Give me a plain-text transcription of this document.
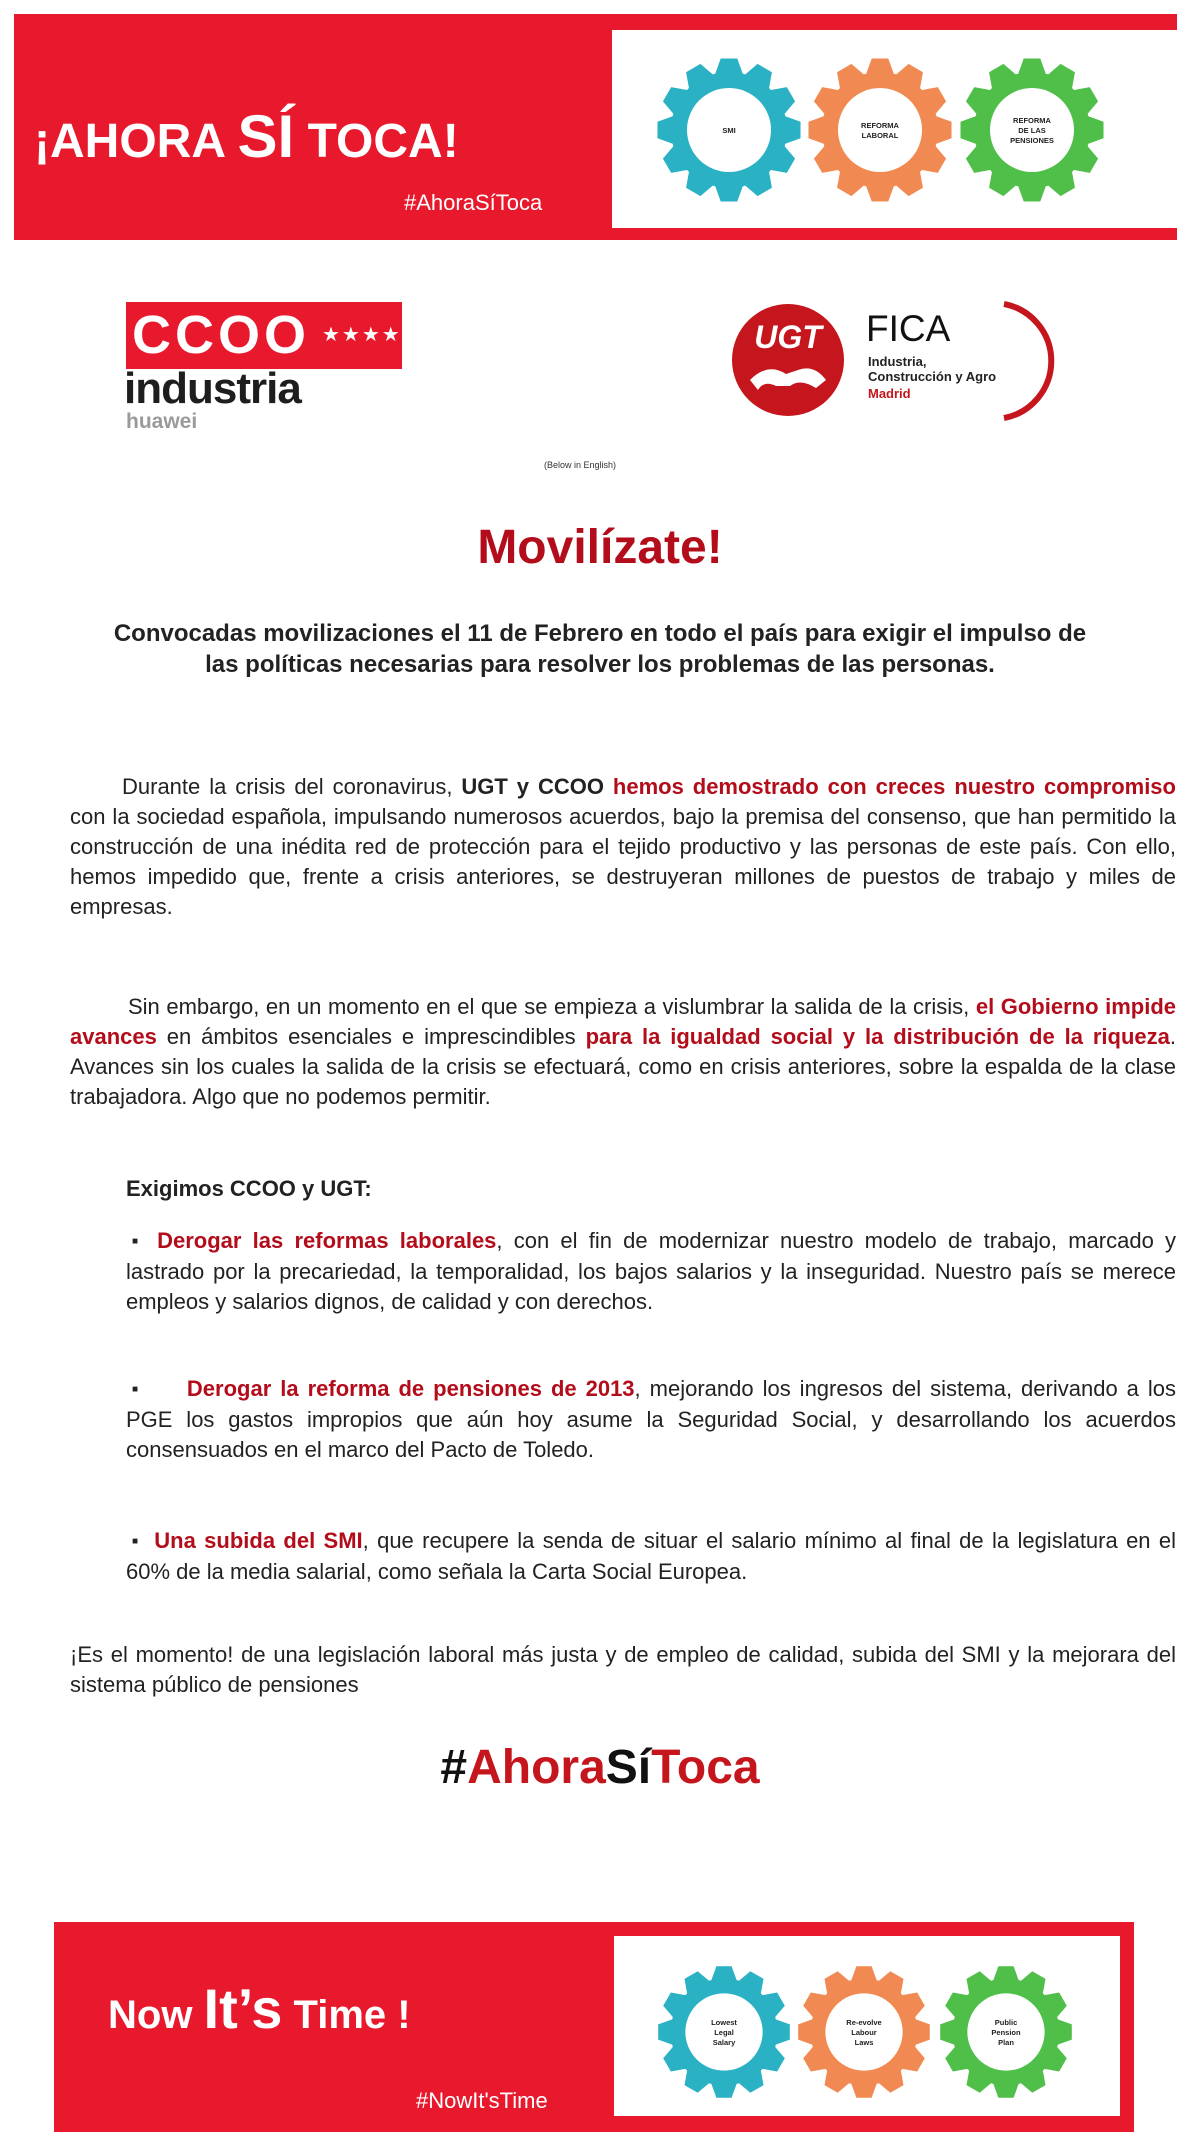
¡AHORA SÍ TOCA!
#AhoraSíToca
SMI
REFORMA
LABORAL
REFORMA
DE LAS
PENSIONES
CCOO ★★★★
industria
huawei
UGT FICA
Industria,
Construcción y Agro
Madrid
(Below in English)
Movilízate!
Convocadas movilizaciones el 11 de Febrero en todo el país para exigir el impulso de las políticas necesarias para resolver los problemas de las personas.
Durante la crisis del coronavirus, UGT y CCOO hemos demostrado con creces nuestro compromiso con la sociedad española, impulsando numerosos acuerdos, bajo la premisa del consenso, que han permitido la construcción de una inédita red de protección para el tejido productivo y las personas de este país. Con ello, hemos impedido que, frente a crisis anteriores, se destruyeran millones de puestos de trabajo y miles de empresas.
Sin embargo, en un momento en el que se empieza a vislumbrar la salida de la crisis, el Gobierno impide avances en ámbitos esenciales e imprescindibles para la igualdad social y la distribución de la riqueza. Avances sin los cuales la salida de la crisis se efectuará, como en crisis anteriores, sobre la espalda de la clase trabajadora. Algo que no podemos permitir.
Exigimos CCOO y UGT:
■ Derogar las reformas laborales, con el fin de modernizar nuestro modelo de trabajo, marcado y lastrado por la precariedad, la temporalidad, los bajos salarios y la inseguridad. Nuestro país se merece empleos y salarios dignos, de calidad y con derechos.
■ Derogar la reforma de pensiones de 2013, mejorando los ingresos del sistema, derivando a los PGE los gastos impropios que aún hoy asume la Seguridad Social, y desarrollando los acuerdos consensuados en el marco del Pacto de Toledo.
■ Una subida del SMI, que recupere la senda de situar el salario mínimo al final de la legislatura en el 60% de la media salarial, como señala la Carta Social Europea.
¡Es el momento! de una legislación laboral más justa y de empleo de calidad, subida del SMI y la mejorara del sistema público de pensiones
#AhoraSíToca
Now It’s Time !
#NowIt'sTime
Lowest
Legal
Salary
Re-evolve
Labour
Laws
Public
Pension
Plan
